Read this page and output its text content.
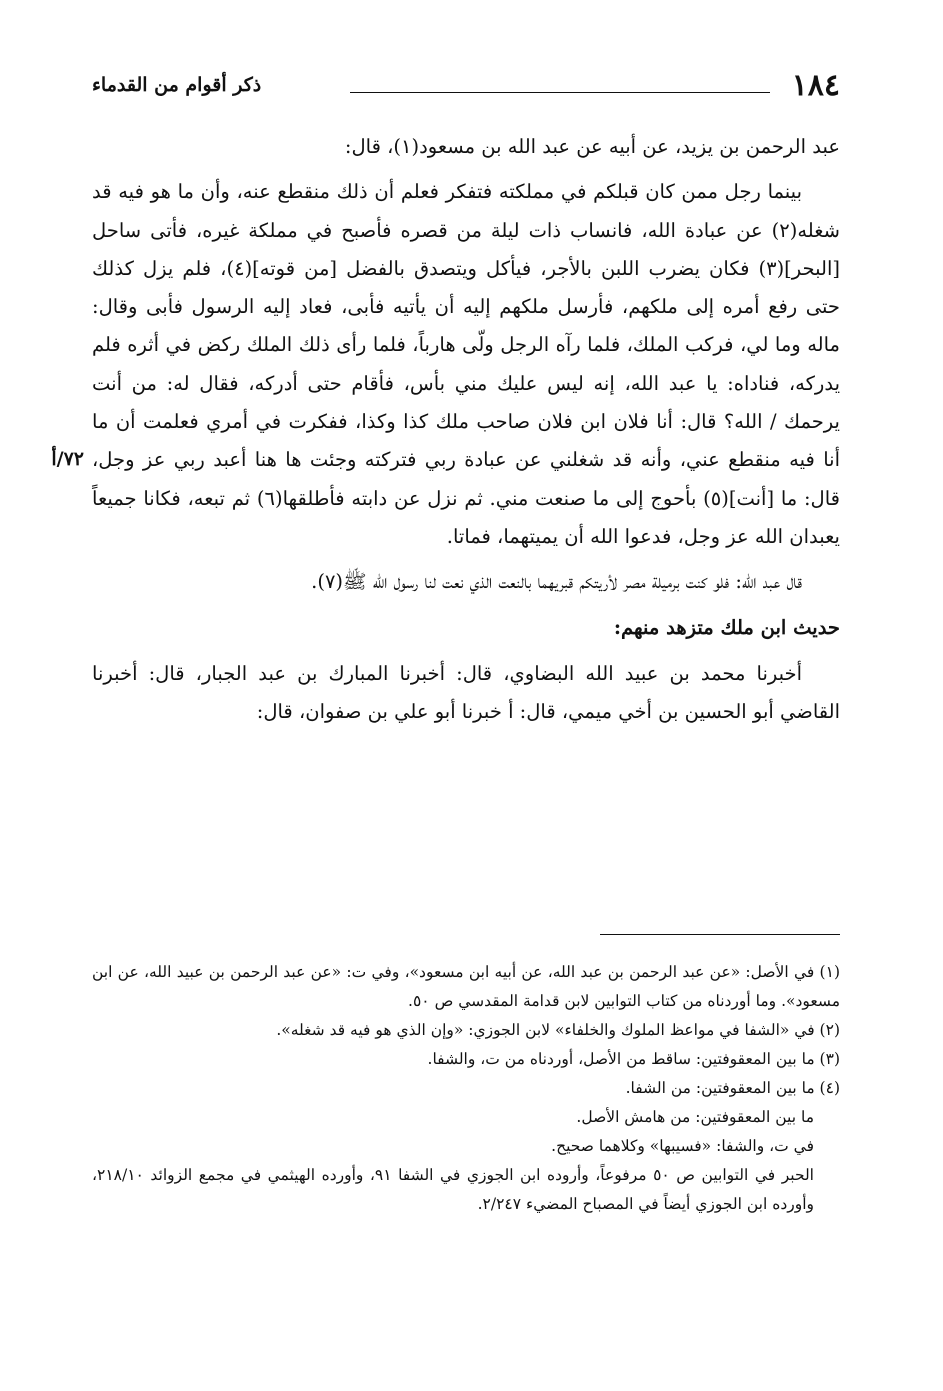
١٨٤
ذكر أقوام من القدماء
٧٢/أ

عبد الرحمن بن يزيد، عن أبيه عن عبد الله بن مسعود(١)، قال:

بينما رجل ممن كان قبلكم في مملكته فتفكر فعلم أن ذلك منقطع عنه، وأن ما هو فيه قد شغله(٢) عن عبادة الله، فانساب ذات ليلة من قصره فأصبح في مملكة غيره، فأتى ساحل [البحر](٣) فكان يضرب اللبن بالأجر، فيأكل ويتصدق بالفضل [من قوته](٤)، فلم يزل كذلك حتى رفع أمره إلى ملكهم، فأرسل ملكهم إليه أن يأتيه فأبى، فعاد إليه الرسول فأبى وقال: ماله وما لي، فركب الملك، فلما رآه الرجل ولّى هارباً، فلما رأى ذلك الملك ركض في أثره فلم يدركه، فناداه: يا عبد الله، إنه ليس عليك مني بأس، فأقام حتى أدركه، فقال له: من أنت يرحمك / الله؟ قال: أنا فلان ابن فلان صاحب ملك كذا وكذا، ففكرت في أمري فعلمت أن ما أنا فيه منقطع عني، وأنه قد شغلني عن عبادة ربي فتركته وجئت ها هنا أعبد ربي عز وجل، قال: ما [أنت](٥) بأحوج إلى ما صنعت مني. ثم نزل عن دابته فأطلقها(٦) ثم تبعه، فكانا جميعاً يعبدان الله عز وجل، فدعوا الله أن يميتهما، فماتا.

قال عبد الله: فلو كنت برميلة مصر لأريتكم قبريهما بالنعت الذي نعت لنا رسول الله ﷺ(٧).

حديث ابن ملك متزهد منهم:

أخبرنا محمد بن عبيد الله البضاوي، قال: أخبرنا المبارك بن عبد الجبار، قال: أخبرنا القاضي أبو الحسين بن أخي ميمي، قال: أ خبرنا أبو علي بن صفوان، قال:

(١) في الأصل: «عن عبد الرحمن بن عبد الله، عن أبيه ابن مسعود»، وفي ت: «عن عبد الرحمن بن عبيد الله، عن ابن مسعود». وما أوردناه من كتاب التوابين لابن قدامة المقدسي ص ٥٠.

(٢) في «الشفا في مواعظ الملوك والخلفاء» لابن الجوزي: «وإن الذي هو فيه قد شغله».

(٣) ما بين المعقوفتين: ساقط من الأصل، أوردناه من ت، والشفا.

(٤) ما بين المعقوفتين: من الشفا.

ما بين المعقوفتين: من هامش الأصل.

في ت، والشفا: «فسيبها» وكلاهما صحيح.

الحبر في التوابين ص ٥٠ مرفوعاً، وأروده ابن الجوزي في الشفا ٩١، وأورده الهيثمي في مجمع الزوائد ٢١٨/١٠، وأورده ابن الجوزي أيضاً في المصباح المضيء ٢/٢٤٧.
